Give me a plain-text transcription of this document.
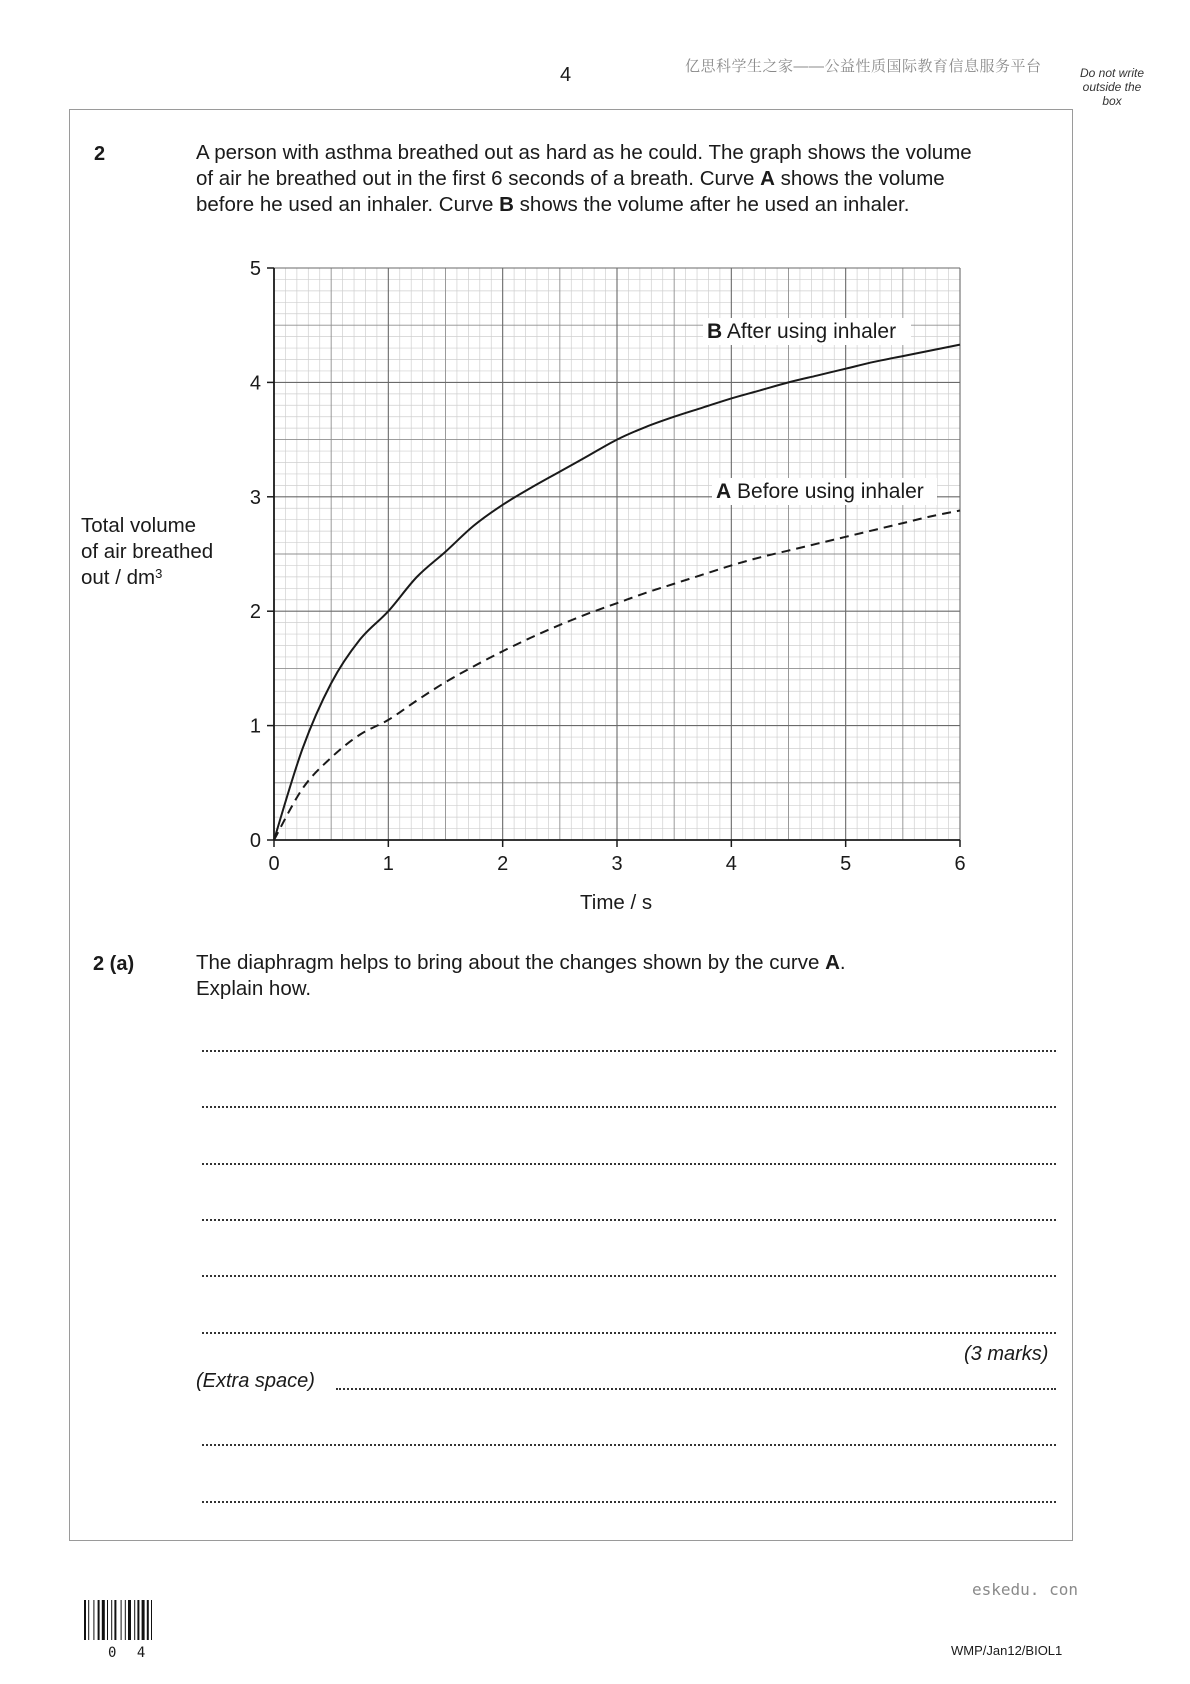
4	亿思科学生之家——公益性质国际教育信息服务平台	Do not write
outside the
box
2	A person with asthma breathed out as hard as he could. The graph shows the volume
of air he breathed out in the first 6 seconds of a breath. Curve A shows the volume
before he used an inhaler. Curve B shows the volume after he used an inhaler.
0	1	2	3	4	5	6
0
1
2
3
4
5
B After using inhaler
A Before using inhaler
Total volume
of air breathed
out / $dm^3$
Time / s
2 (a)	The diaphragm helps to bring about the changes shown by the curve A.
Explain how.
(3 marks)
(Extra space)
eskedu. con
0 4	WMP/Jan12/BIOL1
